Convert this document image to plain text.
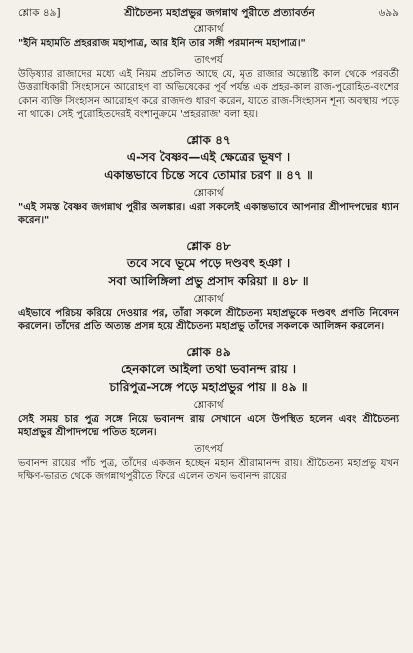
শ্লোক ৪৯]	শ্রীচৈতন্য মহাপ্রভুর জগন্নাথ পুরীতে প্রত্যাবর্তন	৬৯৯
শ্লোকার্থ
"ইনি মহামতি প্রহররাজ মহাপাত্র, আর ইনি তার সঙ্গী পরমানন্দ মহাপাত্র।"
তাৎপর্য
উড়িষ্যার রাজাদের মধ্যে এই নিয়ম প্রচলিত আছে যে, মৃত রাজার অন্ত্যেষ্টি কাল থেকে পরবর্তী উত্তরাধিকারী সিংহাসনে আরোহণ বা অভিষেকের পূর্ব পর্যন্ত এক প্রহর-কাল রাজ-পুরোহিত-বংশের কোন ব্যক্তি সিংহাসন আরোহণ করে রাজদণ্ড ধারণ করেন, যাতে রাজ-সিংহাসন শূন্য অবস্থায় পড়ে না থাকে। সেই পুরোহিতদেরই বংশানুক্রমে 'প্রহররাজ' বলা হয়।
শ্লোক ৪৭
এ-সব বৈষ্ণব—এই ক্ষেত্রের ভূষণ ।
একান্তভাবে চিন্তে সবে তোমার চরণ ॥ ৪৭ ॥
শ্লোকার্থ
"এই সমস্ত বৈষ্ণব জগন্নাথ পুরীর অলঙ্কার। এরা সকলেই একান্তভাবে আপনার শ্রীপাদপদ্মের ধ্যান করেন।"
শ্লোক ৪৮
তবে সবে ভূমে পড়ে দণ্ডবৎ হঞা ।
সবা আলিঙ্গিলা প্রভু প্রসাদ করিয়া ॥ ৪৮ ॥
শ্লোকার্থ
এইভাবে পরিচয় করিয়ে দেওয়ার পর, তাঁরা সকলে শ্রীচৈতন্য মহাপ্রভুকে দণ্ডবৎ প্রণতি নিবেদন করলেন। তাঁদের প্রতি অত্যন্ত প্রসন্ন হয়ে শ্রীচৈতন্য মহাপ্রভু তাঁদের সকলকে আলিঙ্গন করলেন।
শ্লোক ৪৯
হেনকালে আইলা তথা ভবানন্দ রায় ।
চারিপুত্র-সঙ্গে পড়ে মহাপ্রভুর পায় ॥ ৪৯ ॥
শ্লোকার্থ
সেই সময় চার পুত্র সঙ্গে নিয়ে ভবানন্দ রায় সেখানে এসে উপস্থিত হলেন এবং শ্রীচৈতন্য মহাপ্রভুর শ্রীপাদপদ্মে পতিত হলেন।
তাৎপর্য
ভবানন্দ রায়ের পাঁচ পুত্র, তাঁদের একজন হচ্ছেন মহান শ্রীরামানন্দ রায়। শ্রীচৈতন্য মহাপ্রভু যখন দক্ষিণ-ভারত থেকে জগন্নাথপুরীতে ফিরে এলেন তখন ভবানন্দ রায়ের
